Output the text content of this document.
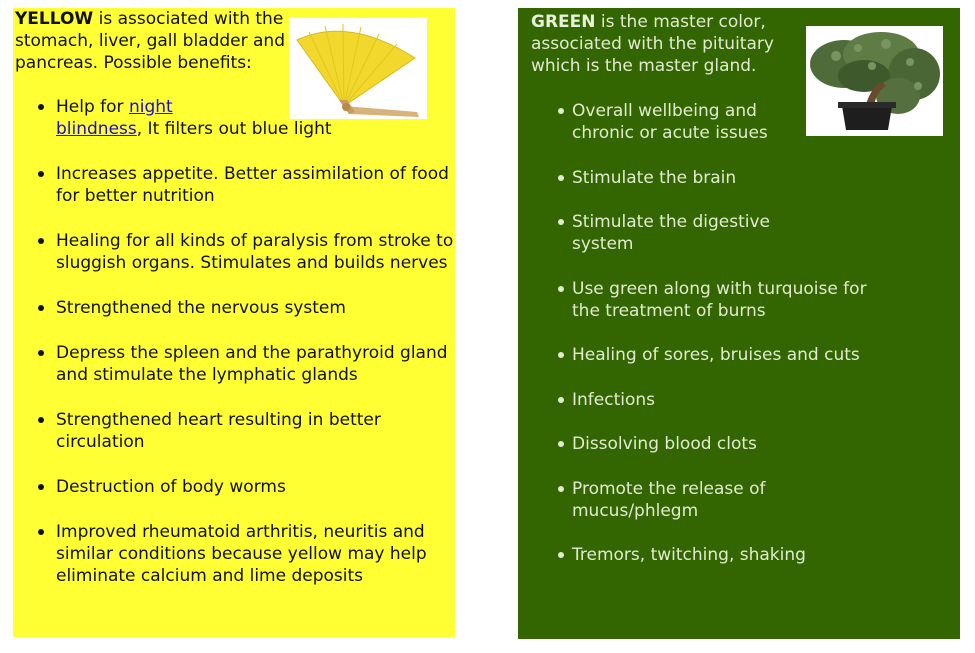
YELLOW is associated with the stomach, liver, gall bladder and pancreas. Possible benefits:

Help for night
blindness, It filters out blue light
Increases appetite. Better assimilation of food for better nutrition
Healing for all kinds of paralysis from stroke to sluggish organs. Stimulates and builds nerves
Strengthened the nervous system
Depress the spleen and the parathyroid gland and stimulate the lymphatic glands
Strengthened heart resulting in better circulation
Destruction of body worms
Improved rheumatoid arthritis, neuritis and similar conditions because yellow may help eliminate calcium and lime deposits

GREEN is the master color, associated with the pituitary which is the master gland.

Overall wellbeing and chronic or acute issues
Stimulate the brain
Stimulate the digestive system
Use green along with turquoise for the treatment of burns
Healing of sores, bruises and cuts
Infections
Dissolving blood clots
Promote the release of mucus/phlegm
Tremors, twitching, shaking
